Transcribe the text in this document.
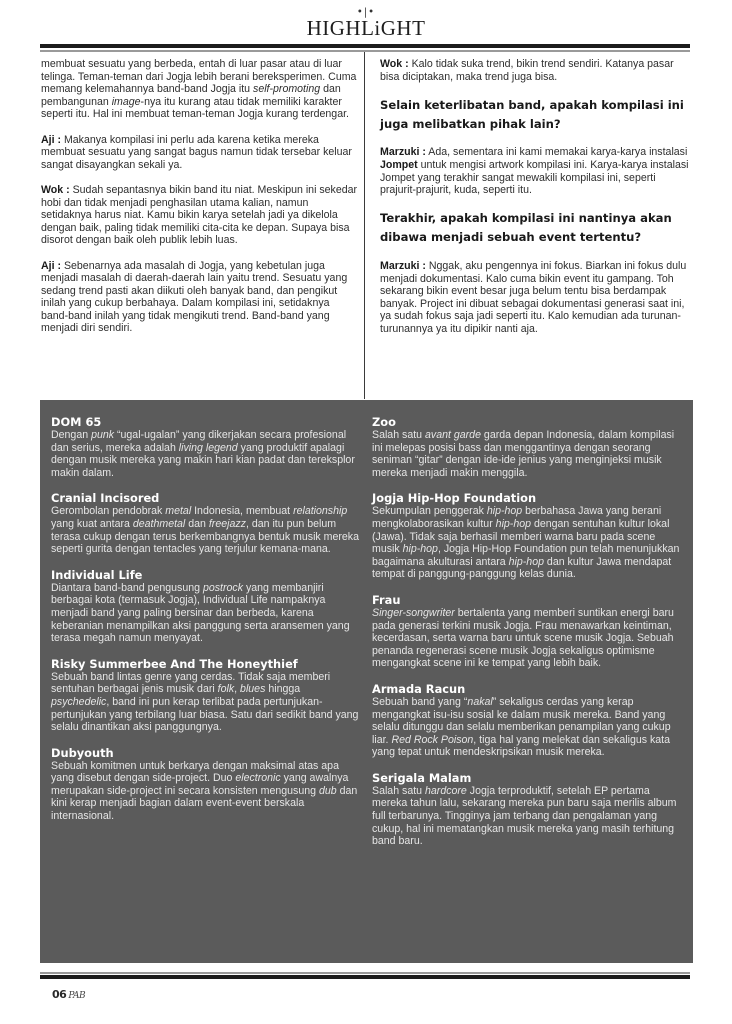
•|•
HIGHLiGHT

membuat sesuatu yang berbeda, entah di luar pasar atau di luar telinga. Teman-teman dari Jogja lebih berani bereksperimen. Cuma memang kelemahannya band-band Jogja itu self-promoting dan pembangunan image-nya itu kurang atau tidak memiliki karakter seperti itu. Hal ini membuat teman-teman Jogja kurang terdengar.

Aji : Makanya kompilasi ini perlu ada karena ketika mereka membuat sesuatu yang sangat bagus namun tidak tersebar keluar sangat disayangkan sekali ya.

Wok : Sudah sepantasnya bikin band itu niat. Meskipun ini sekedar hobi dan tidak menjadi penghasilan utama kalian, namun setidaknya harus niat. Kamu bikin karya setelah jadi ya dikelola dengan baik, paling tidak memiliki cita-cita ke depan. Supaya bisa disorot dengan baik oleh publik lebih luas.

Aji : Sebenarnya ada masalah di Jogja, yang kebetulan juga menjadi masalah di daerah-daerah lain yaitu trend. Sesuatu yang sedang trend pasti akan diikuti oleh banyak band, dan pengikut inilah yang cukup berbahaya. Dalam kompilasi ini, setidaknya band-band inilah yang tidak mengikuti trend. Band-band yang menjadi diri sendiri.

Wok : Kalo tidak suka trend, bikin trend sendiri. Katanya pasar bisa diciptakan, maka trend juga bisa.

Selain keterlibatan band, apakah kompilasi ini juga melibatkan pihak lain?

Marzuki : Ada, sementara ini kami memakai karya-karya instalasi Jompet untuk mengisi artwork kompilasi ini. Karya-karya instalasi Jompet yang terakhir sangat mewakili kompilasi ini, seperti prajurit-prajurit, kuda, seperti itu.

Terakhir, apakah kompilasi ini nantinya akan dibawa menjadi sebuah event tertentu?

Marzuki : Nggak, aku pengennya ini fokus. Biarkan ini fokus dulu menjadi dokumentasi. Kalo cuma bikin event itu gampang. Toh sekarang bikin event besar juga belum tentu bisa berdampak banyak. Project ini dibuat sebagai dokumentasi generasi saat ini, ya sudah fokus saja jadi seperti itu. Kalo kemudian ada turunan-turunannya ya itu dipikir nanti aja.

DOM 65
Dengan punk “ugal-ugalan” yang dikerjakan secara profesional dan serius, mereka adalah living legend yang produktif apalagi dengan musik mereka yang makin hari kian padat dan tereksplor makin dalam.
Cranial Incisored
Gerombolan pendobrak metal Indonesia, membuat relationship yang kuat antara deathmetal dan freejazz, dan itu pun belum terasa cukup dengan terus berkembangnya bentuk musik mereka seperti gurita dengan tentacles yang terjulur kemana-mana.
Individual Life
Diantara band-band pengusung postrock yang membanjiri berbagai kota (termasuk Jogja), Individual Life nampaknya menjadi band yang paling bersinar dan berbeda, karena keberanian menampilkan aksi panggung serta aransemen yang terasa megah namun menyayat.
Risky Summerbee And The Honeythief
Sebuah band lintas genre yang cerdas. Tidak saja memberi sentuhan berbagai jenis musik dari folk, blues hingga psychedelic, band ini pun kerap terlibat pada pertunjukan-pertunjukan yang terbilang luar biasa. Satu dari sedikit band yang selalu dinantikan aksi panggungnya.
Dubyouth
Sebuah komitmen untuk berkarya dengan maksimal atas apa yang disebut dengan side-project. Duo electronic yang awalnya merupakan side-project ini secara konsisten mengusung dub dan kini kerap menjadi bagian dalam event-event berskala internasional.
Zoo
Salah satu avant garde garda depan Indonesia, dalam kompilasi ini melepas posisi bass dan menggantinya dengan seorang seniman “gitar” dengan ide-ide jenius yang menginjeksi musik mereka menjadi makin menggila.
Jogja Hip-Hop Foundation
Sekumpulan penggerak hip-hop berbahasa Jawa yang berani mengkolaborasikan kultur hip-hop dengan sentuhan kultur lokal (Jawa). Tidak saja berhasil memberi warna baru pada scene musik hip-hop, Jogja Hip-Hop Foundation pun telah menunjukkan bagaimana akulturasi antara hip-hop dan kultur Jawa mendapat tempat di panggung-panggung kelas dunia.
Frau
Singer-songwriter bertalenta yang memberi suntikan energi baru pada generasi terkini musik Jogja. Frau menawarkan keintiman, kecerdasan, serta warna baru untuk scene musik Jogja. Sebuah penanda regenerasi scene musik Jogja sekaligus optimisme mengangkat scene ini ke tempat yang lebih baik.
Armada Racun
Sebuah band yang “nakal” sekaligus cerdas yang kerap mengangkat isu-isu sosial ke dalam musik mereka. Band yang selalu ditunggu dan selalu memberikan penampilan yang cukup liar. Red Rock Poison, tiga hal yang melekat dan sekaligus kata yang tepat untuk mendeskripsikan musik mereka.
Serigala Malam
Salah satu hardcore Jogja terproduktif, setelah EP pertama mereka tahun lalu, sekarang mereka pun baru saja merilis album full terbarunya. Tingginya jam terbang dan pengalaman yang cukup, hal ini mematangkan musik mereka yang masih terhitung band baru.
06 PAB
